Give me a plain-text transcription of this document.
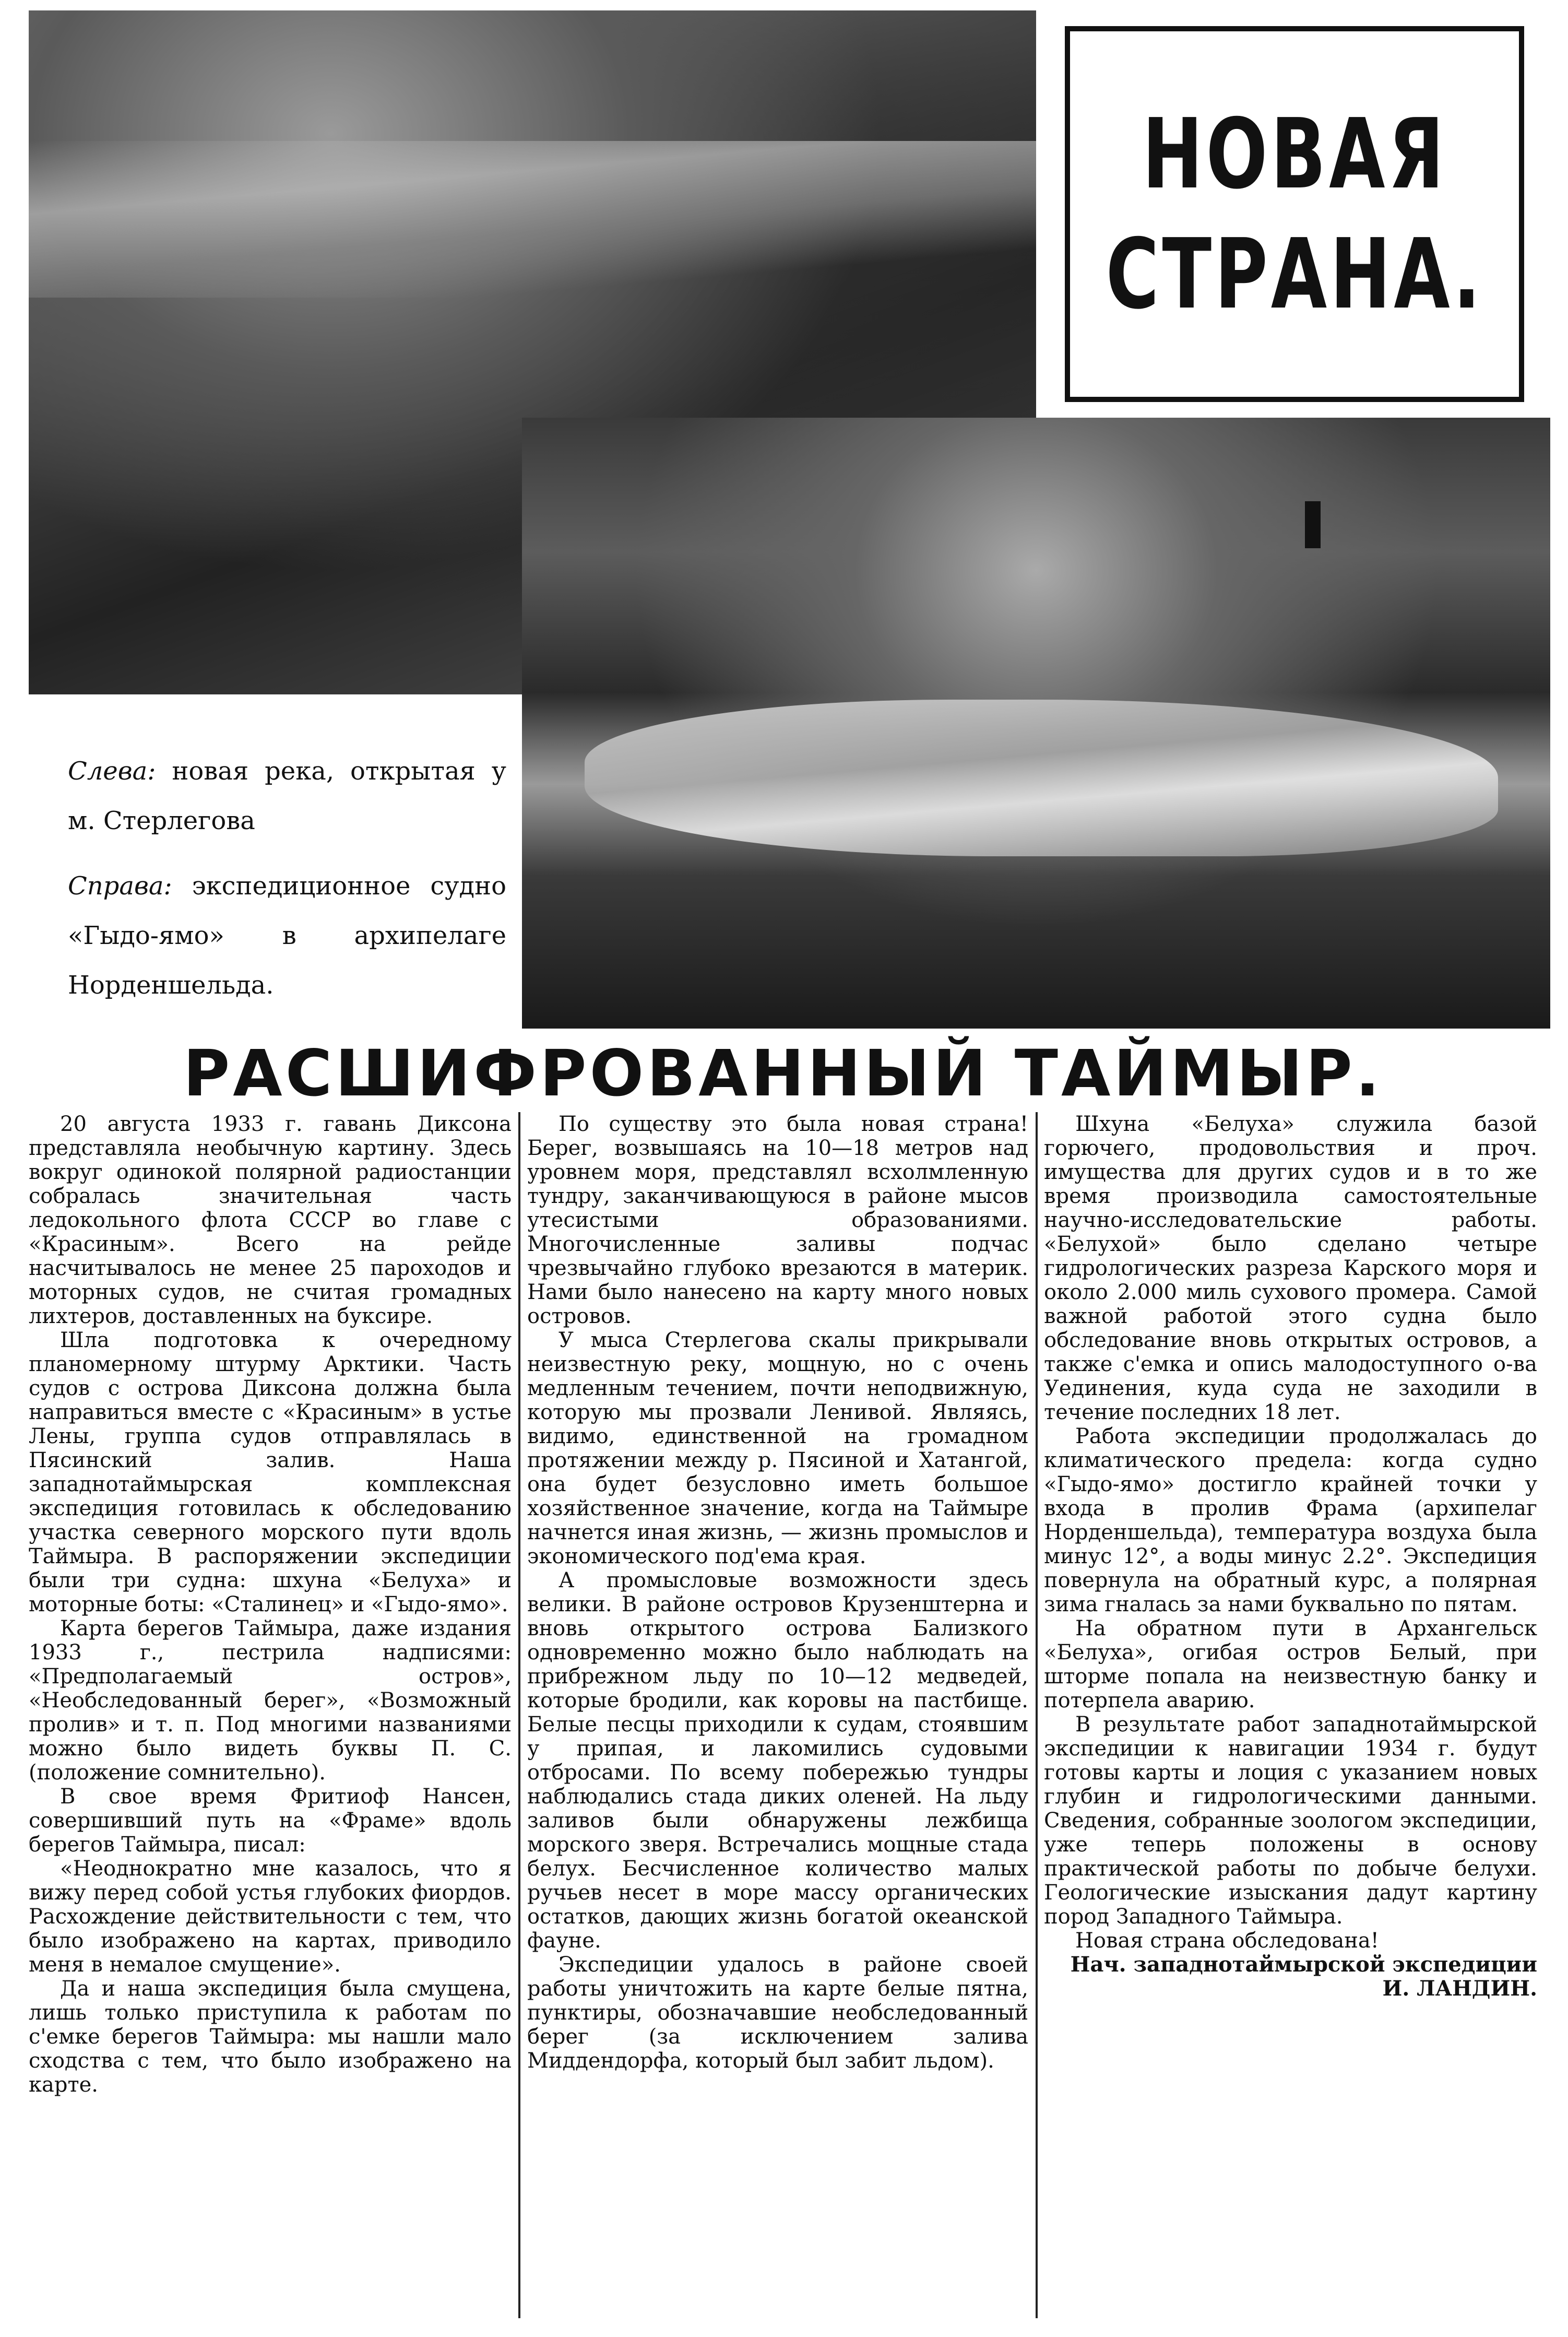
НОВАЯ
СТРАНА.
Слева: новая река, открытая у м. Стерлегова
Справа: экспедиционное судно «Гыдо-ямо» в архипелаге Норденшельда.
РАСШИФРОВАННЫЙ ТАЙМЫР.

20 августа 1933 г. гавань Диксона представляла необычную картину. Здесь вокруг одинокой полярной радиостанции собралась значительная часть ледокольного флота СССР во главе с «Красиным». Всего на рейде насчитывалось не менее 25 пароходов и моторных судов, не считая громадных лихтеров, доставленных на буксире.

Шла подготовка к очередному планомерному штурму Арктики. Часть судов с острова Диксона должна была направиться вместе с «Красиным» в устье Лены, группа судов отправлялась в Пясинский залив. Наша западнотаймырская комплексная экспедиция готовилась к обследованию участка северного морского пути вдоль Таймыра. В распоряжении экспедиции были три судна: шхуна «Белуха» и моторные боты: «Сталинец» и «Гыдо-ямо».

Карта берегов Таймыра, даже издания 1933 г., пестрила надписями: «Предполагаемый остров», «Необследованный берег», «Возможный пролив» и т. п. Под многими названиями можно было видеть буквы П. С. (положение сомнительно).

В свое время Фритиоф Нансен, совершивший путь на «Фраме» вдоль берегов Таймыра, писал:

«Неоднократно мне казалось, что я вижу перед собой устья глубоких фиордов. Расхождение действительности с тем, что было изображено на картах, приводило меня в немалое смущение».

Да и наша экспедиция была смущена, лишь только приступила к работам по с'емке берегов Таймыра: мы нашли мало сходства с тем, что было изображено на карте.

По существу это была новая страна! Берег, возвышаясь на 10—18 метров над уровнем моря, представлял всхолмленную тундру, заканчивающуюся в районе мысов утесистыми образованиями. Многочисленные заливы подчас чрезвычайно глубоко врезаются в материк. Нами было нанесено на карту много новых островов.

У мыса Стерлегова скалы прикрывали неизвестную реку, мощную, но с очень медленным течением, почти неподвижную, которую мы прозвали Ленивой. Являясь, видимо, единственной на громадном протяжении между р. Пясиной и Хатангой, она будет безусловно иметь большое хозяйственное значение, когда на Таймыре начнется иная жизнь, — жизнь промыслов и экономического под'ема края.

А промысловые возможности здесь велики. В районе островов Крузенштерна и вновь открытого острова Бализкого одновременно можно было наблюдать на прибрежном льду по 10—12 медведей, которые бродили, как коровы на пастбище. Белые песцы приходили к судам, стоявшим у припая, и лакомились судовыми отбросами. По всему побережью тундры наблюдались стада диких оленей. На льду заливов были обнаружены лежбища морского зверя. Встречались мощные стада белух. Бесчисленное количество малых ручьев несет в море массу органических остатков, дающих жизнь богатой океанской фауне.

Экспедиции удалось в районе своей работы уничтожить на карте белые пятна, пунктиры, обозначавшие необследованный берег (за исключением залива Миддендорфа, который был забит льдом).

Шхуна «Белуха» служила базой горючего, продовольствия и проч. имущества для других судов и в то же время производила самостоятельные научно-исследовательские работы. «Белухой» было сделано четыре гидрологических разреза Карского моря и около 2.000 миль сухового промера. Самой важной работой этого судна было обследование вновь открытых островов, а также с'емка и опись малодоступного о-ва Уединения, куда суда не заходили в течение последних 18 лет.

Работа экспедиции продолжалась до климатического предела: когда судно «Гыдо-ямо» достигло крайней точки у входа в пролив Фрама (архипелаг Норденшельда), температура воздуха была минус 12°, а воды минус 2.2°. Экспедиция повернула на обратный курс, а полярная зима гналась за нами буквально по пятам.

На обратном пути в Архангельск «Белуха», огибая остров Белый, при шторме попала на неизвестную банку и потерпела аварию.

В результате работ западнотаймырской экспедиции к навигации 1934 г. будут готовы карты и лоция с указанием новых глубин и гидрологическими данными. Сведения, собранные зоологом экспедиции, уже теперь положены в основу практической работы по добыче белухи. Геологические изыскания дадут картину пород Западного Таймыра.

Новая страна обследована!

Нач. западнотаймырской экспедиции И. ЛАНДИН.
